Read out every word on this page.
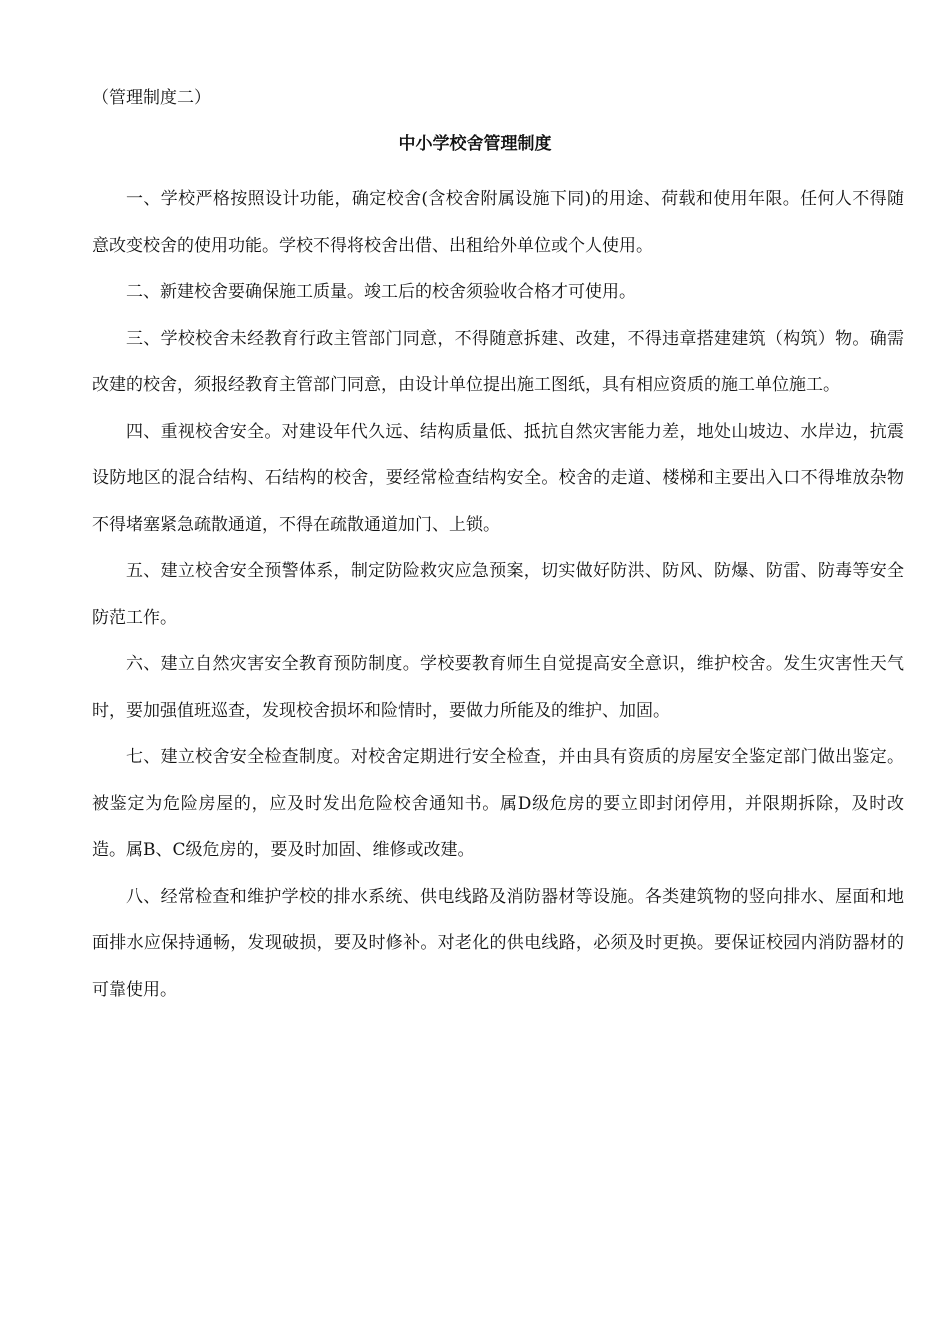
（管理制度二）
中小学校舍管理制度

一、学校严格按照设计功能，确定校舍(含校舍附属设施下同)的用途、荷载和使用年限。任何人不得随意改变校舍的使用功能。学校不得将校舍出借、出租给外单位或个人使用。

二、新建校舍要确保施工质量。竣工后的校舍须验收合格才可使用。

三、学校校舍未经教育行政主管部门同意，不得随意拆建、改建，不得违章搭建建筑（构筑）物。确需改建的校舍，须报经教育主管部门同意，由设计单位提出施工图纸，具有相应资质的施工单位施工。

四、重视校舍安全。对建设年代久远、结构质量低、抵抗自然灾害能力差，地处山坡边、水岸边，抗震设防地区的混合结构、石结构的校舍，要经常检查结构安全。校舍的走道、楼梯和主要出入口不得堆放杂物不得堵塞紧急疏散通道，不得在疏散通道加门、上锁。

五、建立校舍安全预警体系，制定防险救灾应急预案，切实做好防洪、防风、防爆、防雷、防毒等安全防范工作。

六、建立自然灾害安全教育预防制度。学校要教育师生自觉提高安全意识，维护校舍。发生灾害性天气时，要加强值班巡查，发现校舍损坏和险情时，要做力所能及的维护、加固。

七、建立校舍安全检查制度。对校舍定期进行安全检查，并由具有资质的房屋安全鉴定部门做出鉴定。被鉴定为危险房屋的，应及时发出危险校舍通知书。属D级危房的要立即封闭停用，并限期拆除，及时改造。属B、C级危房的，要及时加固、维修或改建。

八、经常检查和维护学校的排水系统、供电线路及消防器材等设施。各类建筑物的竖向排水、屋面和地面排水应保持通畅，发现破损，要及时修补。对老化的供电线路，必须及时更换。要保证校园内消防器材的可靠使用。
